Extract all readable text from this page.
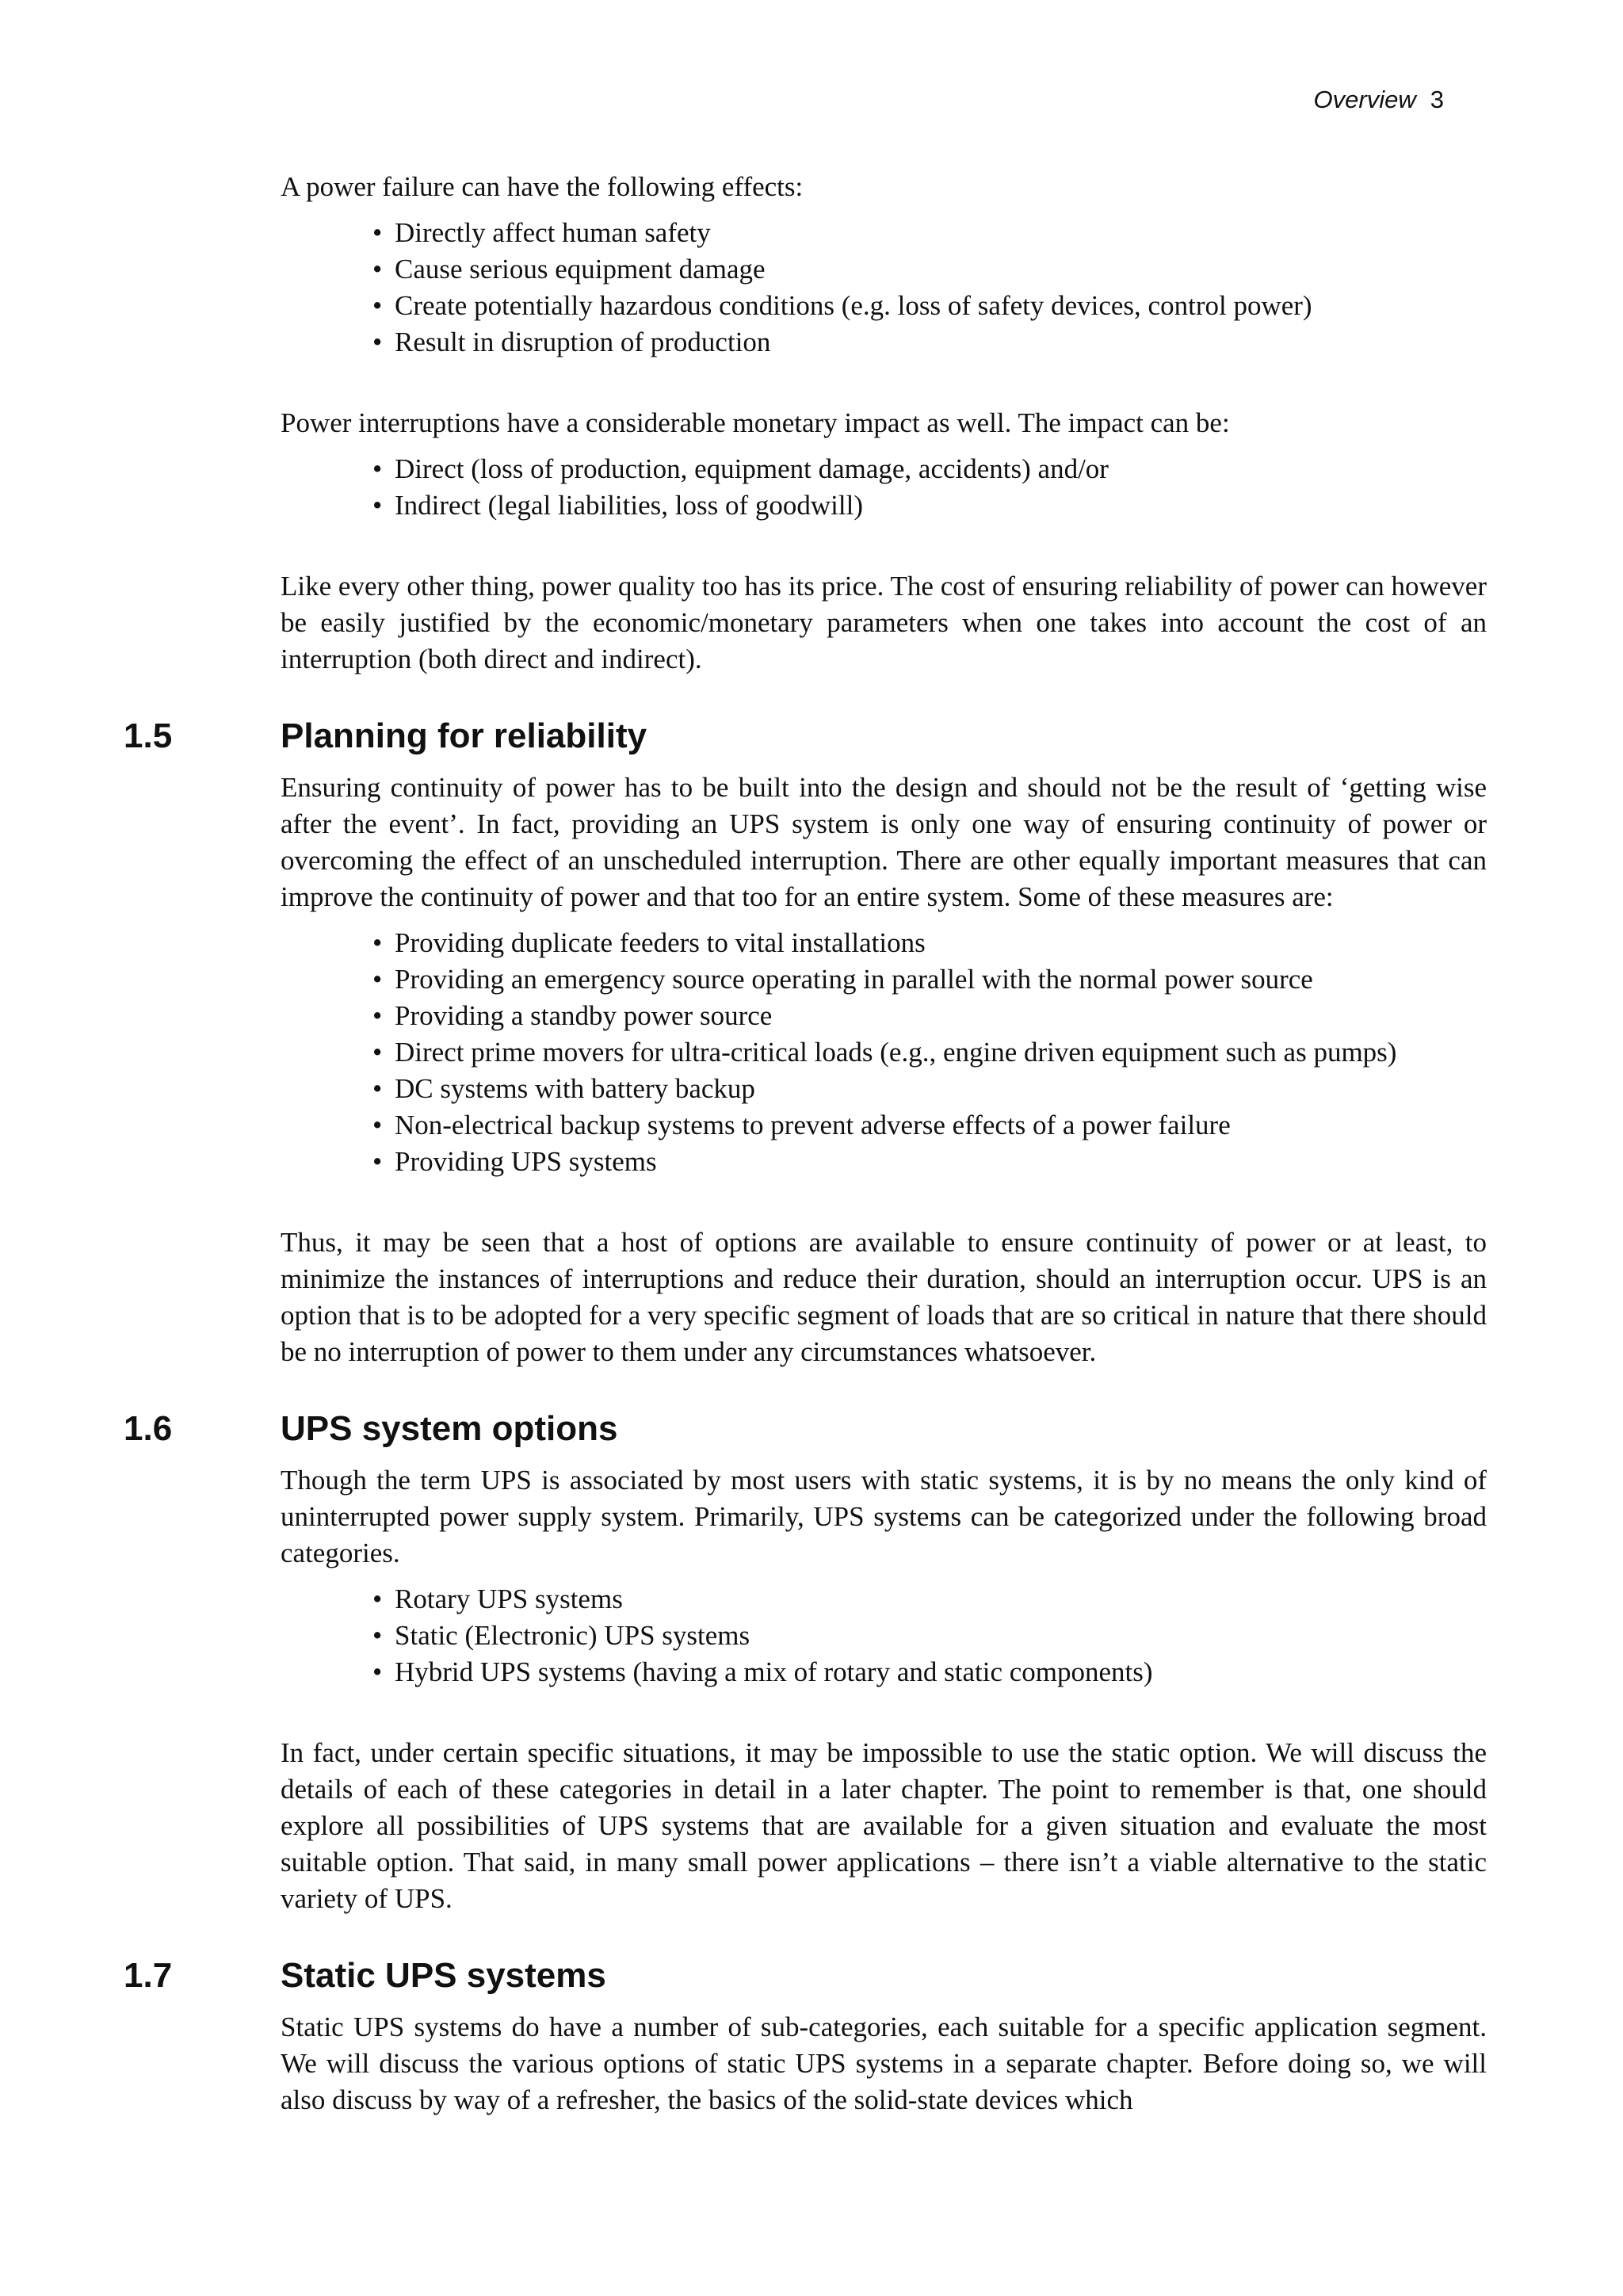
Overview 3

A power failure can have the following effects:

• Directly affect human safety
• Cause serious equipment damage
• Create potentially hazardous conditions (e.g. loss of safety devices, control power)
• Result in disruption of production

Power interruptions have a considerable monetary impact as well. The impact can be:

• Direct (loss of production, equipment damage, accidents) and/or
• Indirect (legal liabilities, loss of goodwill)

Like every other thing, power quality too has its price. The cost of ensuring reliability of power can however be easily justified by the economic/monetary parameters when one takes into account the cost of an interruption (both direct and indirect).

1.5	Planning for reliability

Ensuring continuity of power has to be built into the design and should not be the result of ‘getting wise after the event’. In fact, providing an UPS system is only one way of ensuring continuity of power or overcoming the effect of an unscheduled interruption. There are other equally important measures that can improve the continuity of power and that too for an entire system. Some of these measures are:

• Providing duplicate feeders to vital installations
• Providing an emergency source operating in parallel with the normal power source
• Providing a standby power source
• Direct prime movers for ultra-critical loads (e.g., engine driven equipment such as pumps)
• DC systems with battery backup
• Non-electrical backup systems to prevent adverse effects of a power failure
• Providing UPS systems

Thus, it may be seen that a host of options are available to ensure continuity of power or at least, to minimize the instances of interruptions and reduce their duration, should an interruption occur. UPS is an option that is to be adopted for a very specific segment of loads that are so critical in nature that there should be no interruption of power to them under any circumstances whatsoever.

1.6	UPS system options

Though the term UPS is associated by most users with static systems, it is by no means the only kind of uninterrupted power supply system. Primarily, UPS systems can be categorized under the following broad categories.

• Rotary UPS systems
• Static (Electronic) UPS systems
• Hybrid UPS systems (having a mix of rotary and static components)

In fact, under certain specific situations, it may be impossible to use the static option. We will discuss the details of each of these categories in detail in a later chapter. The point to remember is that, one should explore all possibilities of UPS systems that are available for a given situation and evaluate the most suitable option. That said, in many small power applications – there isn’t a viable alternative to the static variety of UPS.

1.7	Static UPS systems

Static UPS systems do have a number of sub-categories, each suitable for a specific application segment. We will discuss the various options of static UPS systems in a separate chapter. Before doing so, we will also discuss by way of a refresher, the basics of the solid-state devices which
